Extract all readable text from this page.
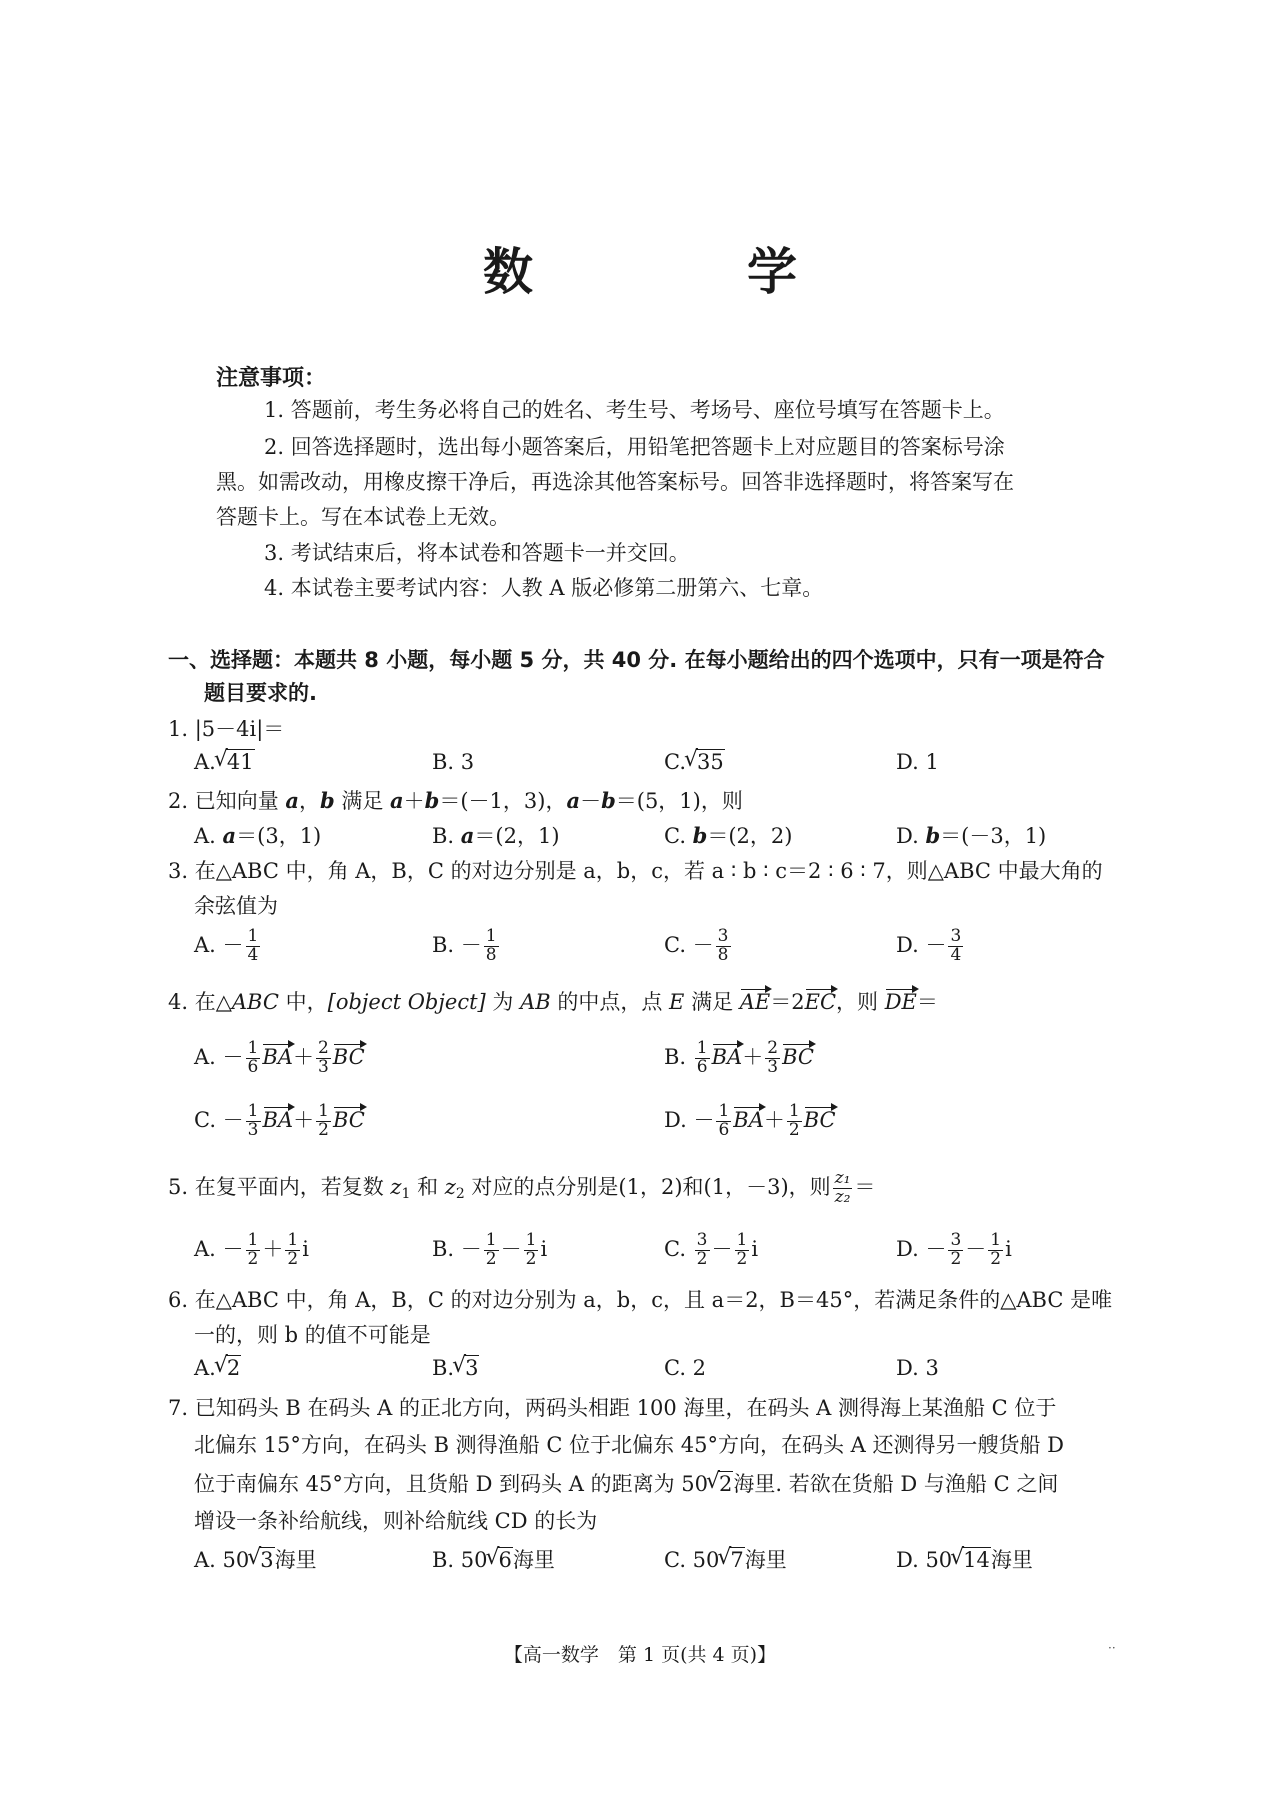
数　学
注意事项：
1. 答题前，考生务必将自己的姓名、考生号、考场号、座位号填写在答题卡上。
2. 回答选择题时，选出每小题答案后，用铅笔把答题卡上对应题目的答案标号涂
黑。如需改动，用橡皮擦干净后，再选涂其他答案标号。回答非选择题时，将答案写在
答题卡上。写在本试卷上无效。
3. 考试结束后，将本试卷和答题卡一并交回。
4. 本试卷主要考试内容：人教 A 版必修第二册第六、七章。
一、选择题：本题共 8 小题，每小题 5 分，共 40 分. 在每小题给出的四个选项中，只有一项是符合
题目要求的.
1. |5－4i|＝
A. √ 41	B. 3	C. √ 35	D. 1
2. 已知向量 a，b 满足 a＋b＝(－1，3)，a－b＝(5，1)，则
A. a＝(3，1)	B. a＝(2，1)	C. b＝(2，2)	D. b＝(－3，1)
3. 在△ABC 中，角 A，B，C 的对边分别是 a，b，c，若 a ∶ b ∶ c＝2 ∶ 6 ∶ 7，则△ABC 中最大角的
余弦值为
A. － $\frac{1}{4}$	B. － $\frac{1}{8}$	C. － $\frac{3}{8}$	D. － $\frac{3}{4}$
4. 在△ABC 中，[object Object] 为 AB 的中点，点 E 满足 AE＝2EC，则 DE＝
A. － $\frac{1}{6} BA+ \frac{2}{3}$ BC	B. $\frac{1}{6} BA+ \frac{2}{3}$ BC
C. － $\frac{1}{3} BA+ \frac{1}{2}$ BC	D. － $\frac{1}{6} BA+ \frac{1}{2}$ BC
5. 在复平面内，若复数 $z_1$ 和 $z_2$ 对应的点分别是(1，2)和(1，－3)，则 $\frac{\text{z₁}}{\text{z₂}}$ ＝
A. － $\frac{1}{2} + \frac{1}{2}$ i	B. － $\frac{1}{2} - \frac{1}{2}$ i	C. $\frac{3}{2} - \frac{1}{2}$ i	D. － $\frac{3}{2} - \frac{1}{2}$ i
6. 在△ABC 中，角 A，B，C 的对边分别为 a，b，c，且 a＝2，B＝45°，若满足条件的△ABC 是唯
一的，则 b 的值不可能是
A. √ 2	B. √ 3	C. 2	D. 3
7. 已知码头 B 在码头 A 的正北方向，两码头相距 100 海里，在码头 A 测得海上某渔船 C 位于
北偏东 15°方向，在码头 B 测得渔船 C 位于北偏东 45°方向，在码头 A 还测得另一艘货船 D
位于南偏东 45°方向，且货船 D 到码头 A 的距离为 50 √ 2海里. 若欲在货船 D 与渔船 C 之间
增设一条补给航线，则补给航线 CD 的长为
A. 50 √ 3海里	B. 50 √ 6海里	C. 50 √ 7海里	D. 50 √ 14海里
【高一数学　第 1 页(共 4 页)】	··
